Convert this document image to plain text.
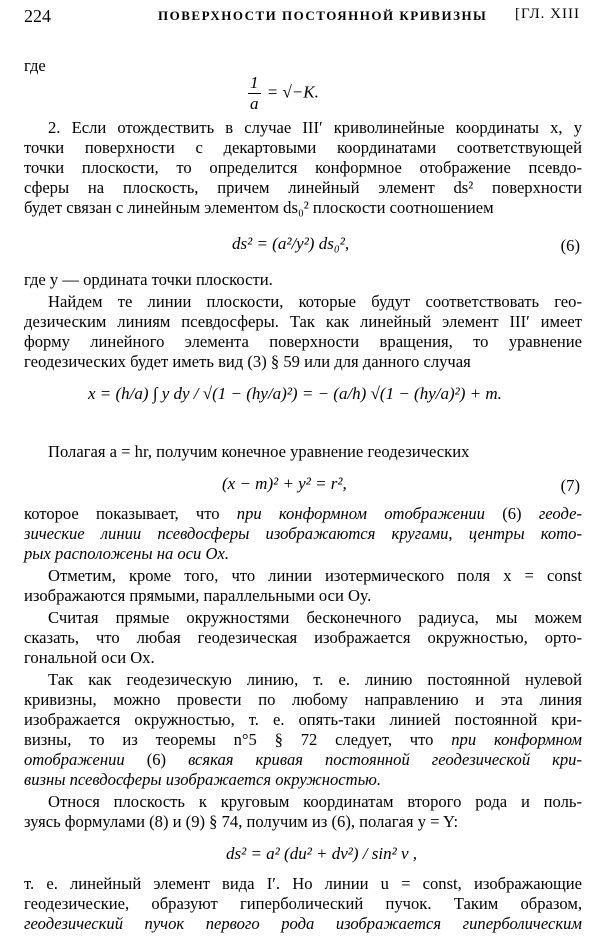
224	ПОВЕРХНОСТИ ПОСТОЯННОЙ КРИВИЗНЫ [ГЛ. XIII
где
$\frac{1}{a} = √-K$.
2. Если отождествить в случае III′ криволинейные координаты x, y
точки поверхности с декартовыми координатами соответствующей
точки плоскости, то определится конформное отображение псевдо-
сферы на плоскость, причем линейный элемент ds² поверхности
будет связан с линейным элементом ds₀² плоскости соотношением
ds² = (a²/y²) ds₀²,	(6)
где y — ордината точки плоскости.
Найдем те линии плоскости, которые будут соответствовать гео-
дезическим линиям псевдосферы. Так как линейный элемент III′ имеет
форму линейного элемента поверхности вращения, то уравнение
геодезических будет иметь вид (3) § 59 или для данного случая
x = (h/a) ∫ y dy / √(1 − (hy/a)²) = − (a/h) √(1 − (hy/a)²) + m.
Полагая a = hr, получим конечное уравнение геодезических
(x − m)² + y² = r²,	(7)
которое показывает, что при конформном отображении (6) геоде-
зические линии псевдосферы изображаются кругами, центры кото-
рых расположены на оси Ox.
Отметим, кроме того, что линии изотермического поля x = const
изображаются прямыми, параллельными оси Oy.
Считая прямые окружностями бесконечного радиуса, мы можем
сказать, что любая геодезическая изображается окружностью, орто-
гональной оси Ox.
Так как геодезическую линию, т. е. линию постоянной нулевой
кривизны, можно провести по любому направлению и эта линия
изображается окружностью, т. е. опять-таки линией постоянной кри-
визны, то из теоремы n°5 § 72 следует, что при конформном
отображении (6) всякая кривая постоянной геодезической кри-
визны псевдосферы изображается окружностью.
Относя плоскость к круговым координатам второго рода и поль-
зуясь формулами (8) и (9) § 74, получим из (6), полагая y = Y:
ds² = a² (du² + dv²) / sin² v ,
т. е. линейный элемент вида I′. Но линии u = const, изображающие
геодезические, образуют гиперболический пучок. Таким образом,
геодезический пучок первого рода изображается гиперболическим
